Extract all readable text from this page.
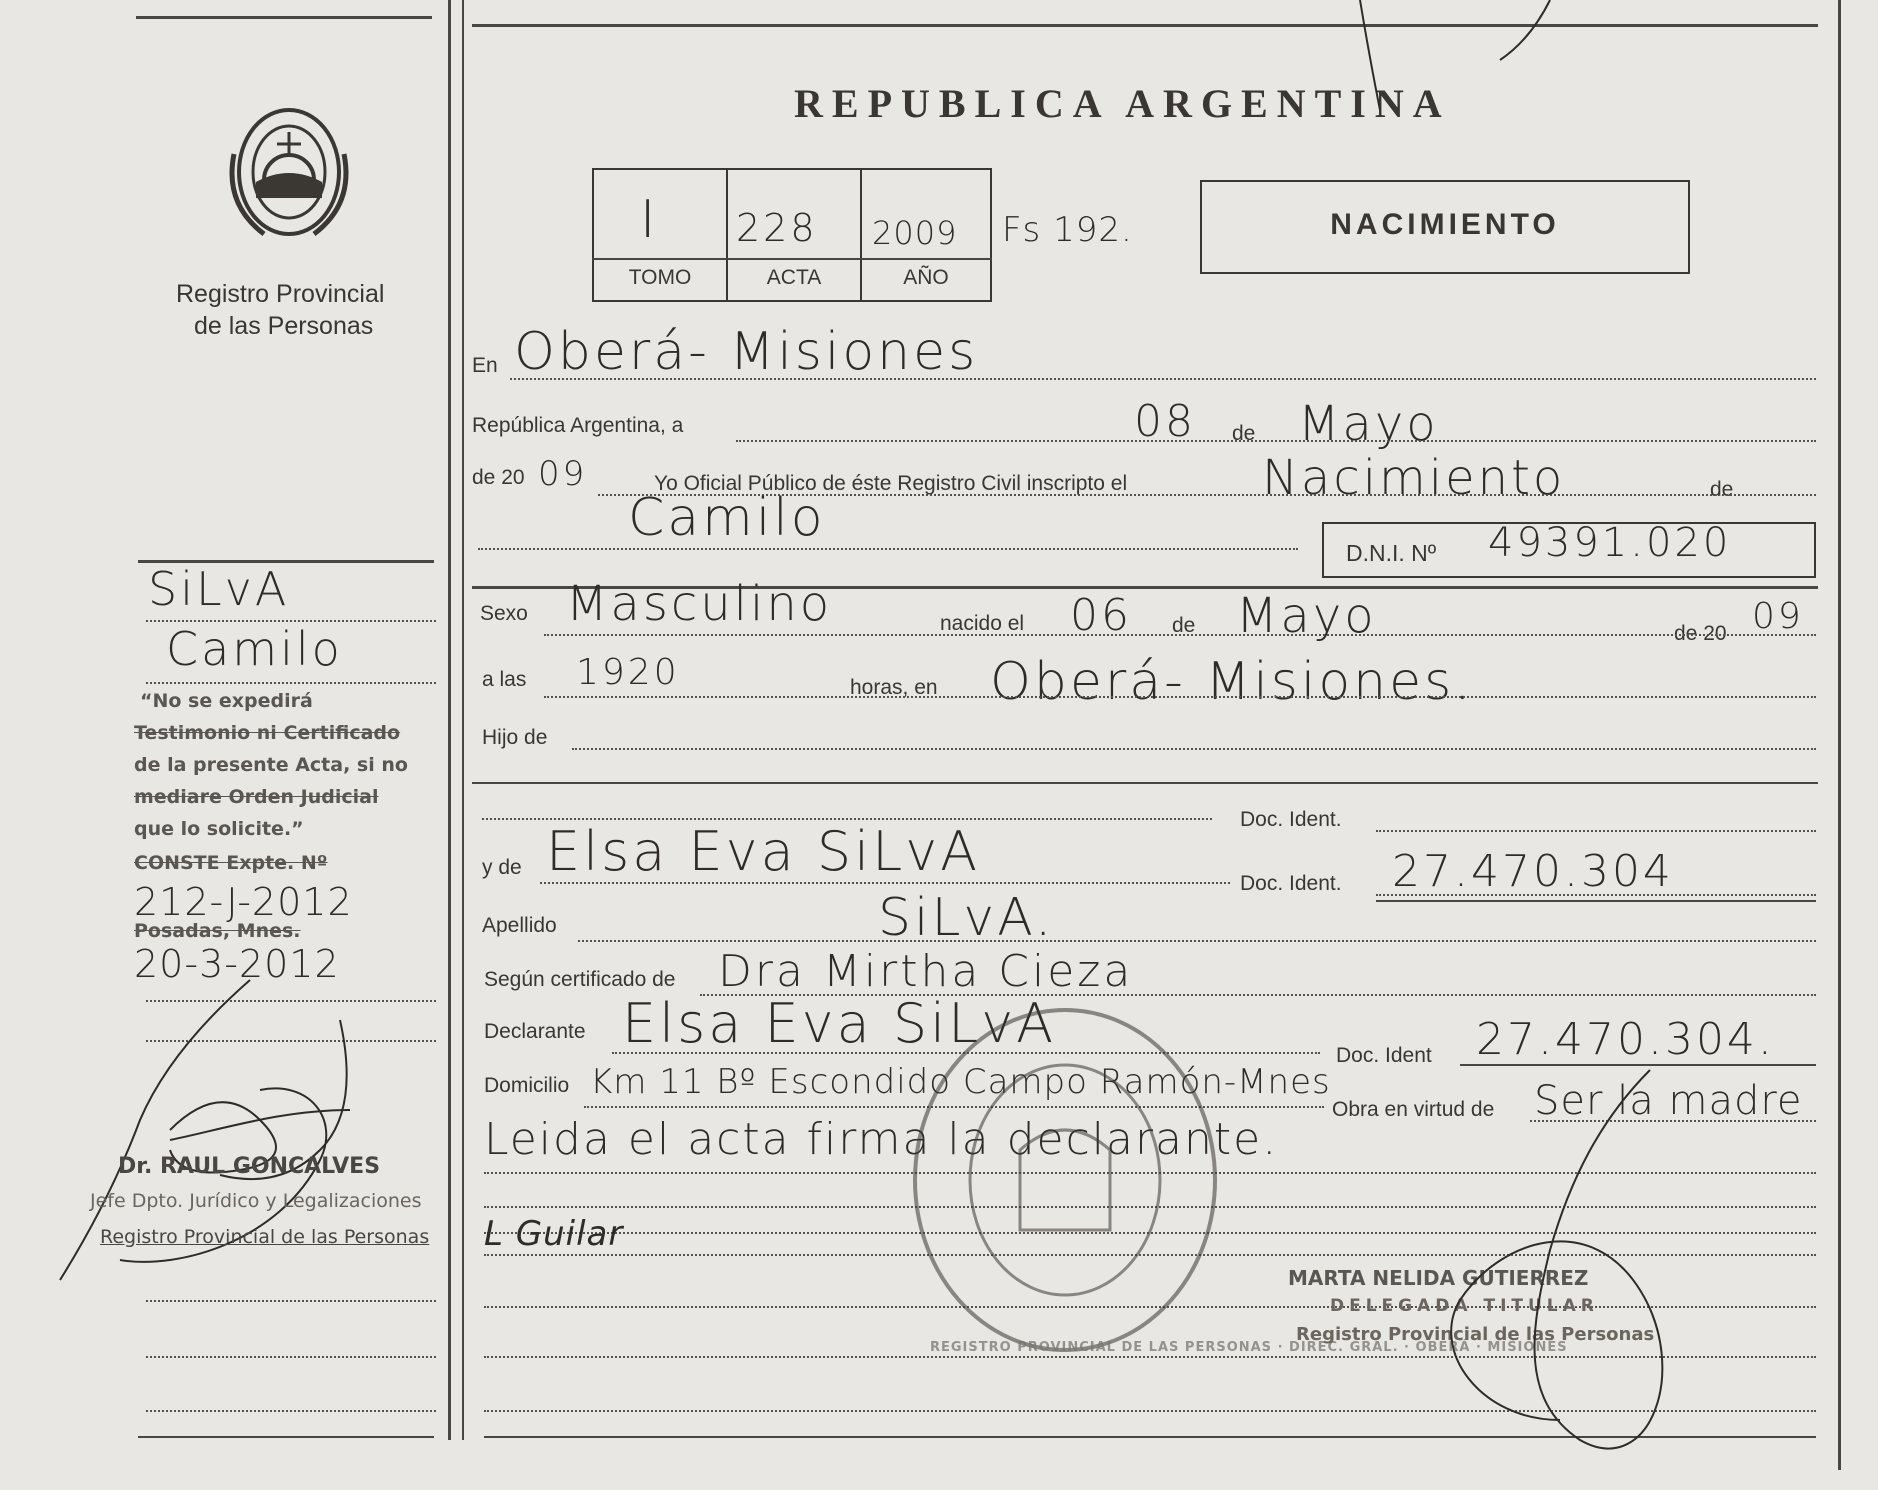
Registro Provincial
de las Personas
SiLvA
Camilo
“No se expedirá
Testimonio ni Certificado
de la presente Acta, si no
mediare Orden Judicial
que lo solicite.”
CONSTE Expte. Nº
212-J-2012
Posadas, Mnes.
20-3-2012
Dr. RAUL GONCALVES
Jefe Dpto. Jurídico y Legalizaciones
Registro Provincial de las Personas
REPUBLICA ARGENTINA
I 228 2009
TOMO	ACTA	AÑO
Fs 192.	NACIMIENTO
En Oberá- Misiones
República Argentina, a	08 de Mayo
de 20 09	Yo Oficial Público de éste Registro Civil inscripto el	Nacimiento	de
Camilo
D.N.I. Nº 49391.020
Sexo Masculino	nacido el 06 de Mayo	de 20 09
a las 1920	horas, en Oberá- Misiones.
Hijo de
Doc. Ident.
y de Elsa Eva SiLvA
Doc. Ident. 27.470.304
Apellido	SiLvA.
Según certificado de Dra Mirtha Cieza
Declarante Elsa Eva SiLvA
Doc. Ident 27.470.304.
Domicilio Km 11 Bº Escondido Campo Ramón-Mnes
Obra en virtud de Ser la madre
Leida el acta firma la declarante.
L Guilar
REGISTRO PROVINCIAL DE LAS PERSONAS · DIREC. GRAL. · OBERÁ · MISIONES
MARTA NELIDA GUTIERREZ
DELEGADA TITULAR
Registro Provincial de las Personas
